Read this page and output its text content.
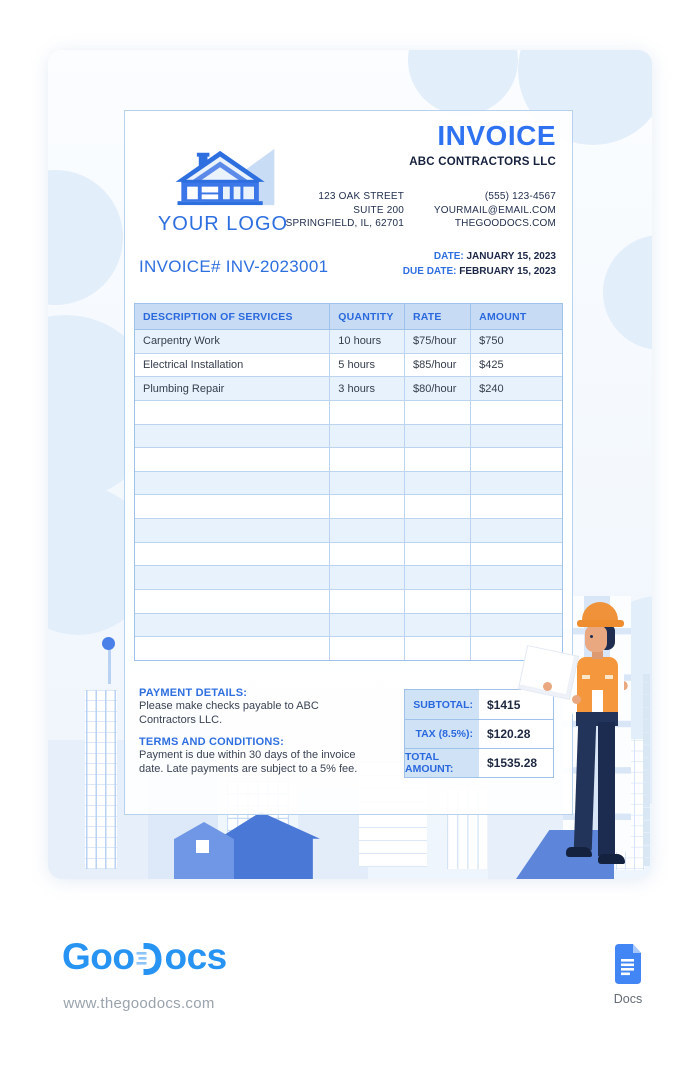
INVOICE
ABC CONTRACTORS LLC
YOUR LOGO
123 OAK STREET
SUITE 200
SPRINGFIELD, IL, 62701
(555) 123-4567
YOURMAIL@EMAIL.COM
THEGOODOCS.COM
INVOICE# INV-2023001
DATE: JANUARY 15, 2023
DUE DATE: FEBRUARY 15, 2023
DESCRIPTION OF SERVICES	QUANTITY	RATE	AMOUNT
Carpentry Work	10 hours	$75/hour	$750
Electrical Installation	5 hours	$85/hour	$425
Plumbing Repair	3 hours	$80/hour	$240
PAYMENT DETAILS:
Please make checks payable to ABC
Contractors LLC.
TERMS AND CONDITIONS:
Payment is due within 30 days of the invoice
date. Late payments are subject to a 5% fee.
SUBTOTAL:	$1415
TAX (8.5%):	$120.28
TOTAL AMOUNT:	$1535.28
Goo ocs
www.thegoodocs.com	Docs
